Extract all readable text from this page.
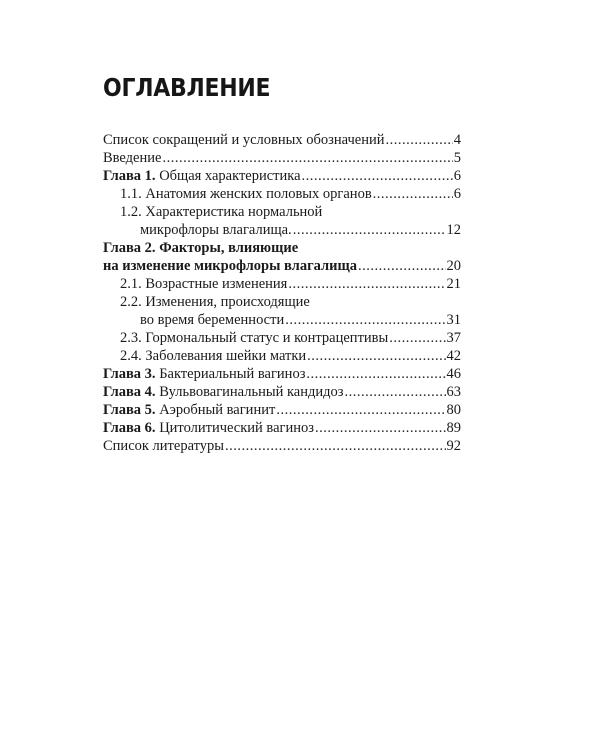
ОГЛАВЛЕНИЕ
Список сокращений и условных обозначений .....	4
Введение .....	5
Глава 1. Общая характеристика .....	6
1.1. Анатомия женских половых органов .....	6
1.2. Характеристика нормальной
микрофлоры влагалища. .....	12
Глава 2. Факторы, влияющие
на изменение микрофлоры влагалища .....	20
2.1. Возрастные изменения .....	21
2.2. Изменения, происходящие
во время беременности .....	31
2.3. Гормональный статус и контрацептивы .....	37
2.4. Заболевания шейки матки .....	42
Глава 3. Бактериальный вагиноз .....	46
Глава 4. Вульвовагинальный кандидоз .....	63
Глава 5. Аэробный вагинит .....	80
Глава 6. Цитолитический вагиноз .....	89
Список литературы .....	92
